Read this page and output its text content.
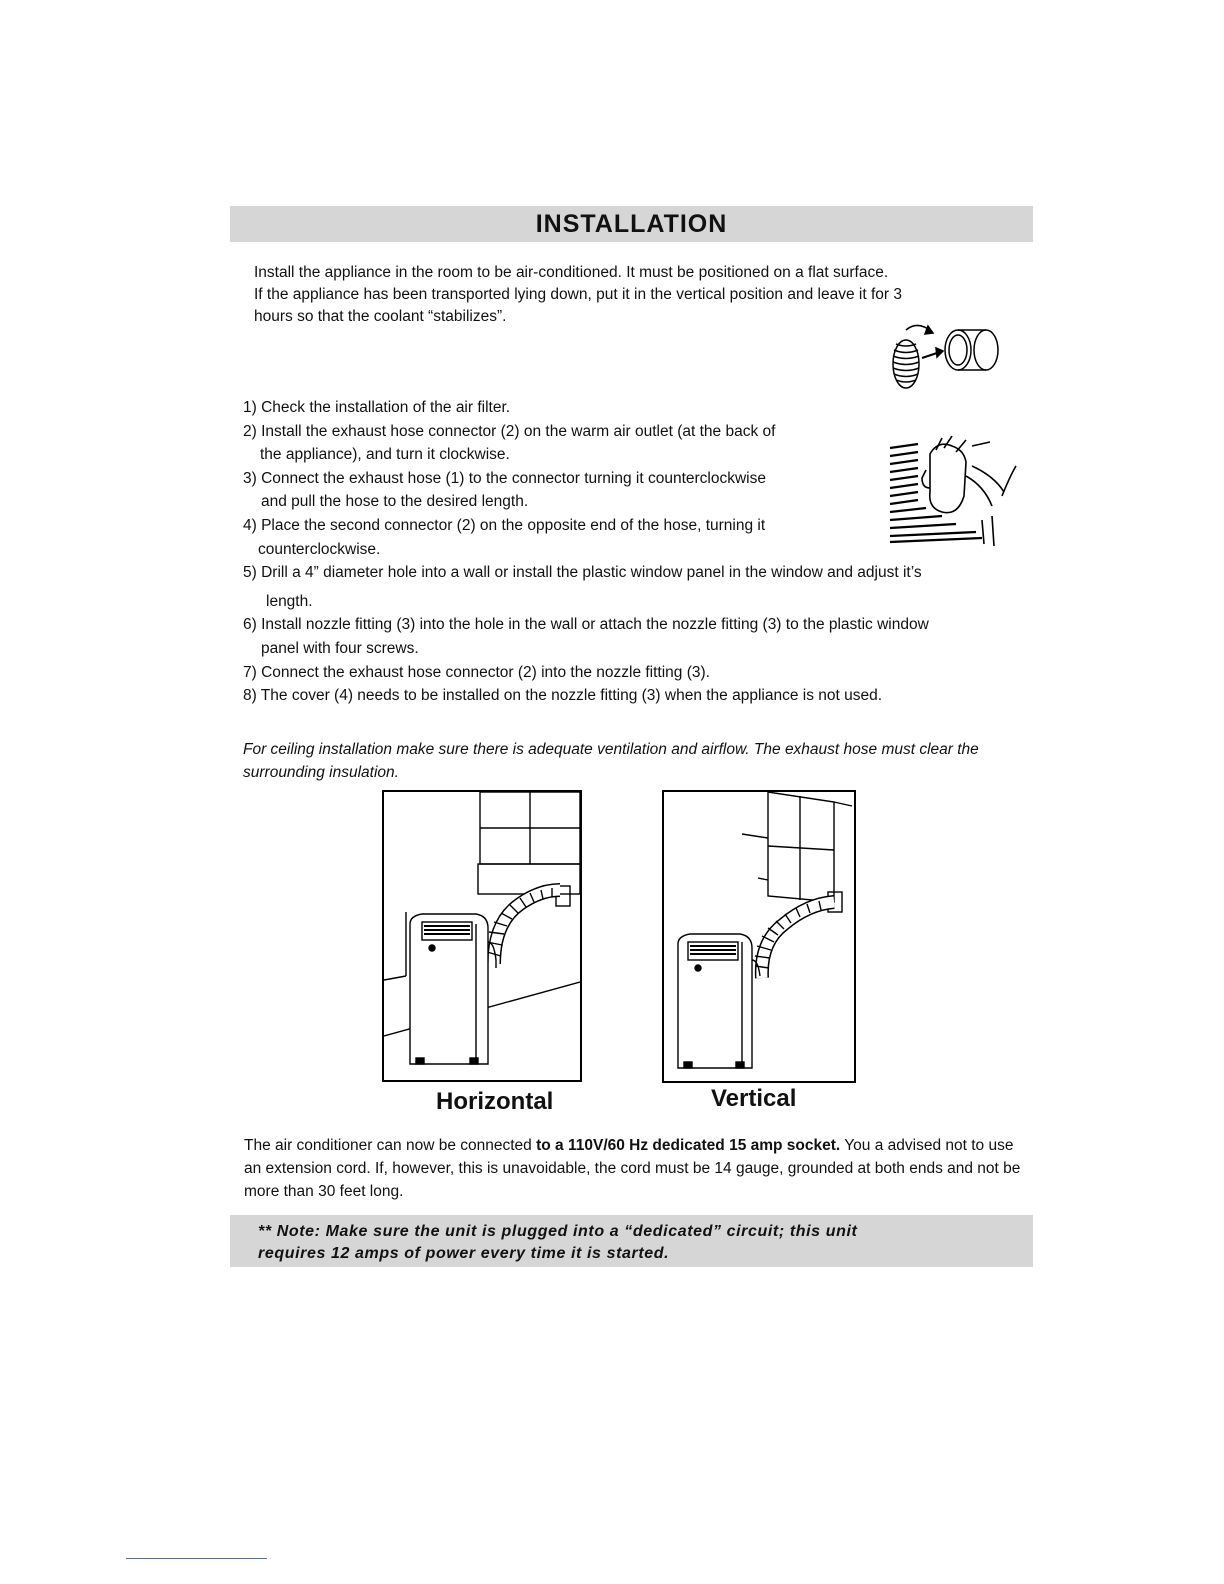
INSTALLATION

Install the appliance in the room to be air-conditioned. It must be positioned on a flat surface.

If the appliance has been transported lying down, put it in the vertical position and leave it for 3

hours so that the coolant “stabilizes”.

1) Check the installation of the air filter.
2) Install the exhaust hose connector (2) on the warm air outlet (at the back of
the appliance), and turn it clockwise.
3) Connect the exhaust hose (1) to the connector turning it counterclockwise
and pull the hose to the desired length.
4) Place the second connector (2) on the opposite end of the hose, turning it
counterclockwise.
5) Drill a 4” diameter hole into a wall or install the plastic window panel in the window and adjust it’s
length.
6) Install nozzle fitting (3) into the hole in the wall or attach the nozzle fitting (3) to the plastic window
panel with four screws.
7) Connect the exhaust hose connector (2) into the nozzle fitting (3).
8) The cover (4) needs to be installed on the nozzle fitting (3) when the appliance is not used.
For ceiling installation make sure there is adequate ventilation and airflow. The exhaust hose must clear the surrounding insulation.
Horizontal	Vertical

The air conditioner can now be connected to a 110V/60 Hz dedicated 15 amp socket. You a advised not to use an extension cord. If, however, this is unavoidable, the cord must be 14 gauge, grounded at both ends and not be more than 30 feet long.

** Note: Make sure the unit is plugged into a “dedicated” circuit; this unit
requires 12 amps of power every time it is started.
